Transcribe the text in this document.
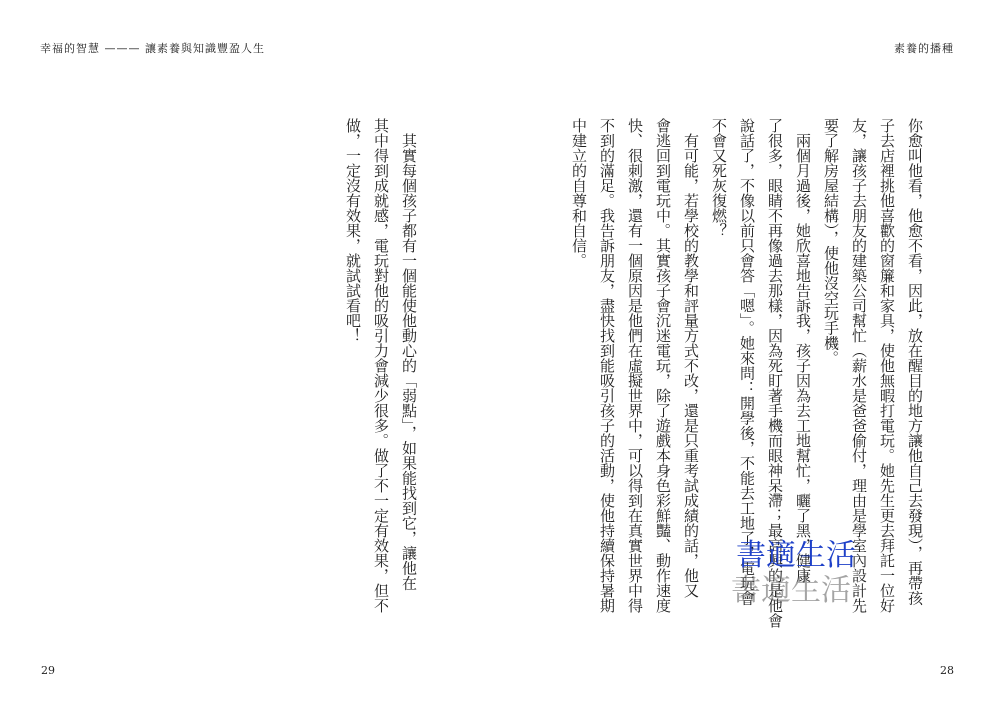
幸福的智慧 ——— 讓素養與知識豐盈人生	素養的播種
你愈叫他看，他愈不看，因此，放在醒目的地方讓他自己去發現），再帶孩
子去店裡挑他喜歡的窗簾和家具，使他無暇打電玩。她先生更去拜託一位好
友，讓孩子去朋友的建築公司幫忙（薪水是爸爸偷付，理由是學室內設計先
要了解房屋結構），使他沒空玩手機。
　兩個月過後，她欣喜地告訴我，孩子因為去工地幫忙，曬了黑，健康
了很多，眼睛不再像過去那樣，因為死盯著手機而眼神呆滯；最高興的是他會
說話了，不像以前只會答「嗯」。她來問：開學後，不能去工地了，電玩會
不會又死灰復燃？
　有可能，若學校的教學和評量方式不改，還是只重考試成績的話，他又
會逃回到電玩中。其實孩子會沉迷電玩，除了遊戲本身色彩鮮豔、動作速度
快、很刺激，還有一個原因是他們在虛擬世界中，可以得到在真實世界中得
不到的滿足。我告訴朋友，盡快找到能吸引孩子的活動，使他持續保持暑期
中建立的自尊和自信。
　其實每個孩子都有一個能使他動心的「弱點」，如果能找到它，讓他在
其中得到成就感，電玩對他的吸引力會減少很多。做了不一定有效果，但不
做，一定沒有效果，就試試看吧！
書適生活
書適生活
29	28
